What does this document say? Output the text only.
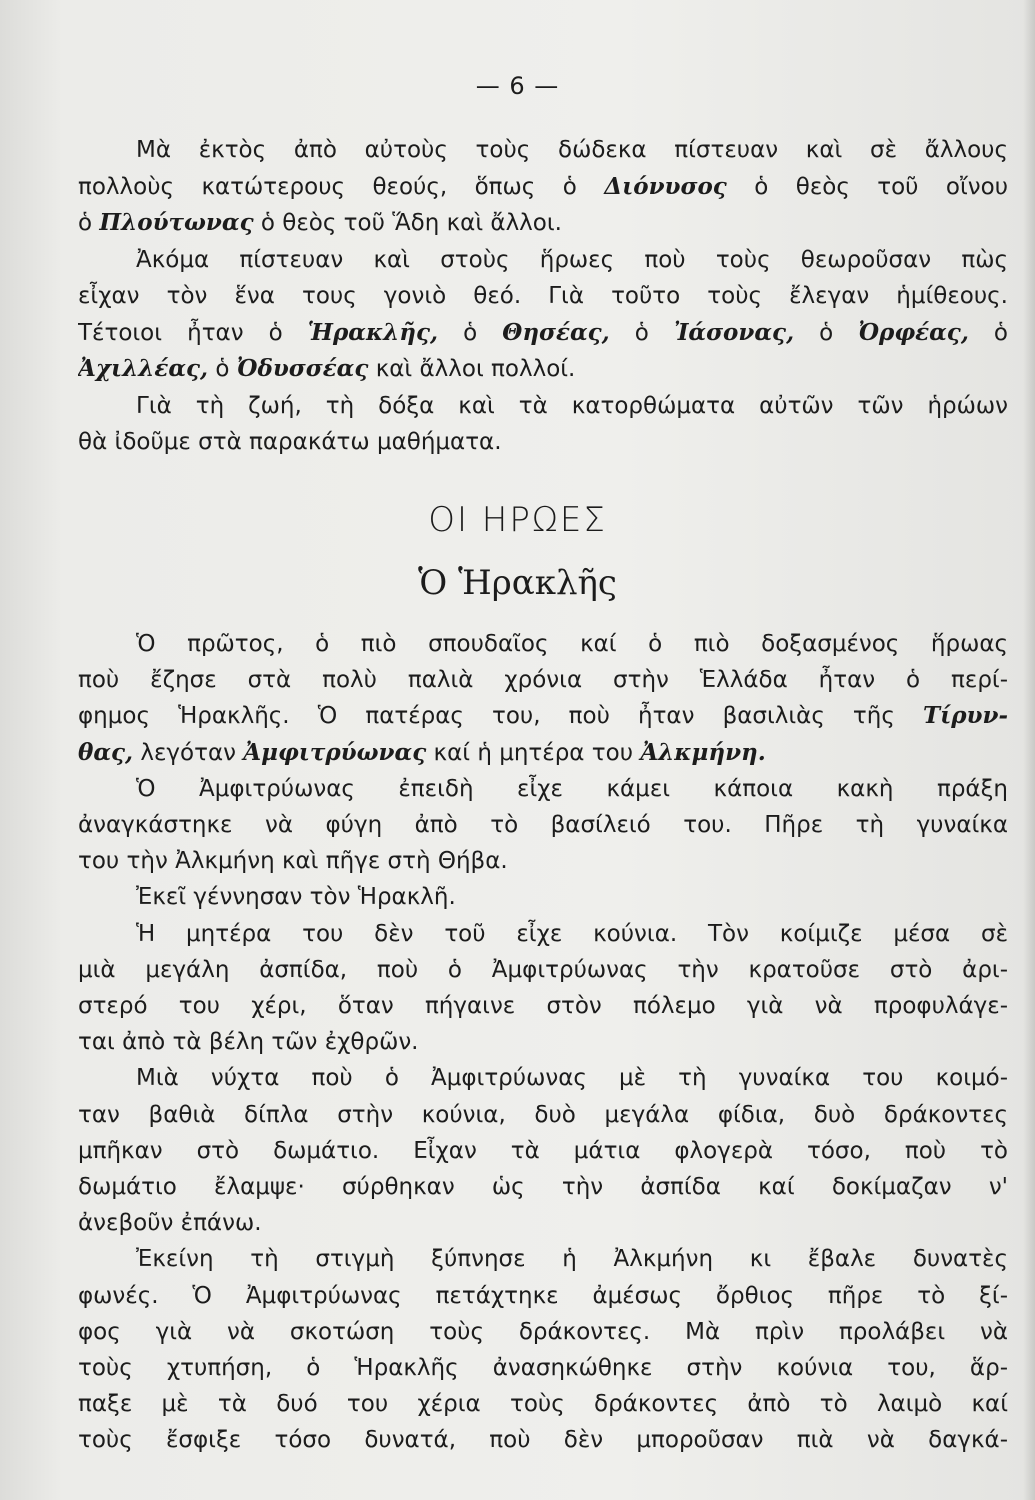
— 6 —
Μὰ ἐκτὸς ἀπὸ αὐτοὺς τοὺς δώδεκα πίστευαν καὶ σὲ ἄλλους
πολλοὺς κατώτερους θεούς, ὅπως ὁ Διόνυσος ὁ θεὸς τοῦ οἴνου
ὁ Πλούτωνας ὁ θεὸς τοῦ Ἅδη καὶ ἄλλοι.
Ἀκόμα πίστευαν καὶ στοὺς ἥρωες ποὺ τοὺς θεωροῦσαν πὼς
εἶχαν τὸν ἕνα τους γονιὸ θεό. Γιὰ τοῦτο τοὺς ἔλεγαν ἡμίθεους.
Τέτοιοι ἦταν ὁ Ἡρακλῆς, ὁ Θησέας, ὁ Ἰάσονας, ὁ Ὀρφέας, ὁ
Ἀχιλλέας, ὁ Ὀδυσσέας καὶ ἄλλοι πολλοί.
Γιὰ τὴ ζωή, τὴ δόξα καὶ τὰ κατορθώματα αὐτῶν τῶν ἡρώων
θὰ ἰδοῦμε στὰ παρακάτω μαθήματα.
ΟΙ ΗΡΩΕΣ
Ὁ Ἡρακλῆς
Ὁ πρῶτος, ὁ πιὸ σπουδαῖος καί ὁ πιὸ δοξασμένος ἥρωας
ποὺ ἔζησε στὰ πολὺ παλιὰ χρόνια στὴν Ἑλλάδα ἦταν ὁ περί-
φημος Ἡρακλῆς. Ὁ πατέρας του, ποὺ ἦταν βασιλιὰς τῆς Τίρυν-
θας, λεγόταν Ἀμφιτρύωνας καί ἡ μητέρα του Ἀλκμήνη.
Ὁ Ἀμφιτρύωνας ἐπειδὴ εἶχε κάμει κάποια κακὴ πράξη
ἀναγκάστηκε νὰ φύγη ἀπὸ τὸ βασίλειό του. Πῆρε τὴ γυναίκα
του τὴν Ἀλκμήνη καὶ πῆγε στὴ Θήβα.
Ἐκεῖ γέννησαν τὸν Ἡρακλῆ.
Ἡ μητέρα του δὲν τοῦ εἶχε κούνια. Τὸν κοίμιζε μέσα σὲ
μιὰ μεγάλη ἀσπίδα, ποὺ ὁ Ἀμφιτρύωνας τὴν κρατοῦσε στὸ ἀρι-
στερό του χέρι, ὅταν πήγαινε στὸν πόλεμο γιὰ νὰ προφυλάγε-
ται ἀπὸ τὰ βέλη τῶν ἐχθρῶν.
Μιὰ νύχτα ποὺ ὁ Ἀμφιτρύωνας μὲ τὴ γυναίκα του κοιμό-
ταν βαθιὰ δίπλα στὴν κούνια, δυὸ μεγάλα φίδια, δυὸ δράκοντες
μπῆκαν στὸ δωμάτιο. Εἶχαν τὰ μάτια φλογερὰ τόσο, ποὺ τὸ
δωμάτιο ἔλαμψε· σύρθηκαν ὡς τὴν ἀσπίδα καί δοκίμαζαν ν'
ἀνεβοῦν ἐπάνω.
Ἐκείνη τὴ στιγμὴ ξύπνησε ἡ Ἀλκμήνη κι ἔβαλε δυνατὲς
φωνές. Ὁ Ἀμφιτρύωνας πετάχτηκε ἀμέσως ὄρθιος πῆρε τὸ ξί-
φος γιὰ νὰ σκοτώση τοὺς δράκοντες. Μὰ πρὶν προλάβει νὰ
τοὺς χτυπήση, ὁ Ἡρακλῆς ἀνασηκώθηκε στὴν κούνια του, ἅρ-
παξε μὲ τὰ δυό του χέρια τοὺς δράκοντες ἀπὸ τὸ λαιμὸ καί
τοὺς ἔσφιξε τόσο δυνατά, ποὺ δὲν μποροῦσαν πιὰ νὰ δαγκά-
